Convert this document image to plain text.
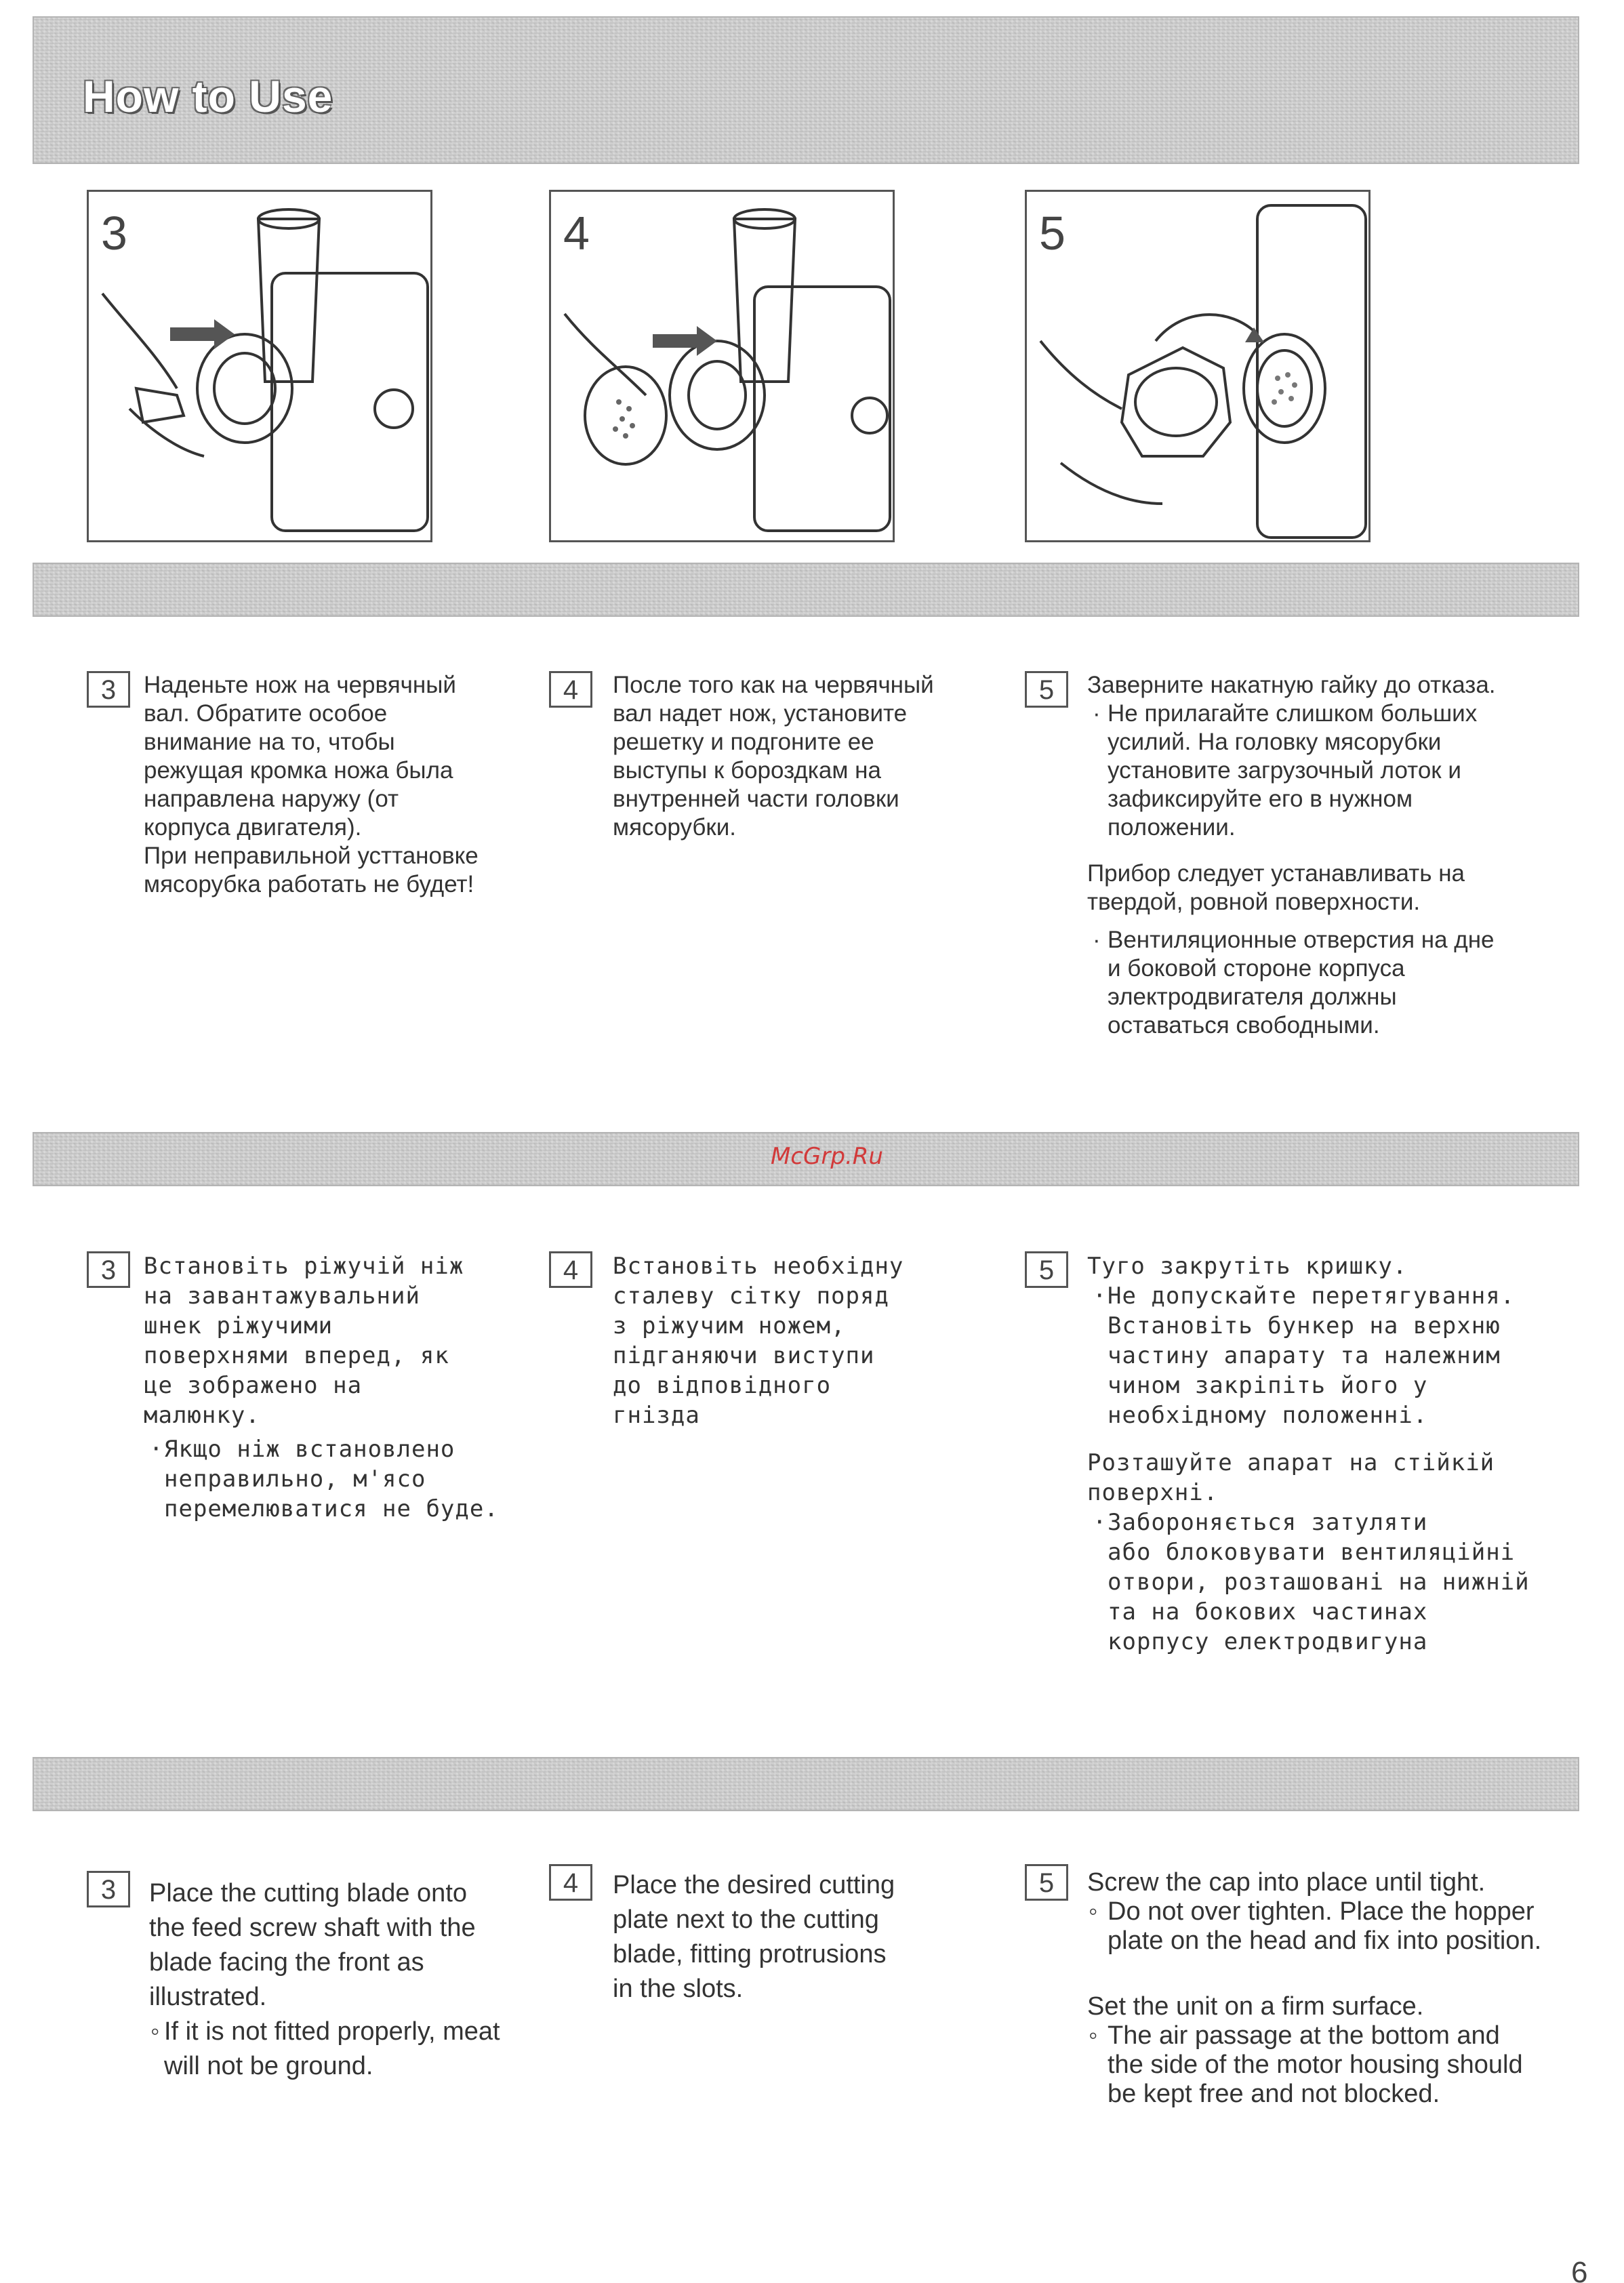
How to Use
3	4	5
3	Наденьте нож на червячный
вал. Обратите особое
внимание на то, чтобы
режущая кромка ножа была
направлена наружу (от
корпуса двигателя).
При неправильной усттановке
мясорубка работать не будет!
4	После того как на червячный
вал надет нож, установите
решетку и подгоните ее
выступы к бороздкам на
внутренней части головки
мясорубки.
5	Заверните накатную гайку до отказа.
· Не прилагайте слишком больших
усилий. На головку мясорубки
установите загрузочный лоток и
зафиксируйте его в нужном
положении.
Прибор следует устанавливать на
твердой, ровной поверхности.
· Вентиляционные отверстия на дне
и боковой стороне корпуса
электродвигателя должны
оставаться свободными.
McGrp.Ru
3	Встановіть ріжучій ніж
на завантажувальний
шнек ріжучими
поверхнями вперед, як
це зображено на
малюнку.
· Якщо ніж встановлено
неправильно, м'ясо
перемелюватися не буде.
4	Встановіть необхідну
сталеву сітку поряд
з ріжучим ножем,
підганяючи виступи
до відповідного
гнізда
5	Туго закрутіть кришку.
· Не допускайте перетягування.
Встановіть бункер на верхню
частину апарату та належним
чином закріпіть його у
необхідному положенні.
Розташуйте апарат на стійкій
поверхні.
· Забороняється затуляти
або блоковувати вентиляційні
отвори, розташовані на нижній
та на бокових частинах
корпусу електродвигуна
3	Place the cutting blade onto
the feed screw shaft with the
blade facing the front as
illustrated.
◦ If it is not fitted properly, meat
will not be ground.
4	Place the desired cutting
plate next to the cutting
blade, fitting protrusions
in the slots.
5	Screw the cap into place until tight.
◦ Do not over tighten. Place the hopper
plate on the head and fix into position.
Set the unit on a firm surface.
◦ The air passage at the bottom and
the side of the motor housing should
be kept free and not blocked.
6
